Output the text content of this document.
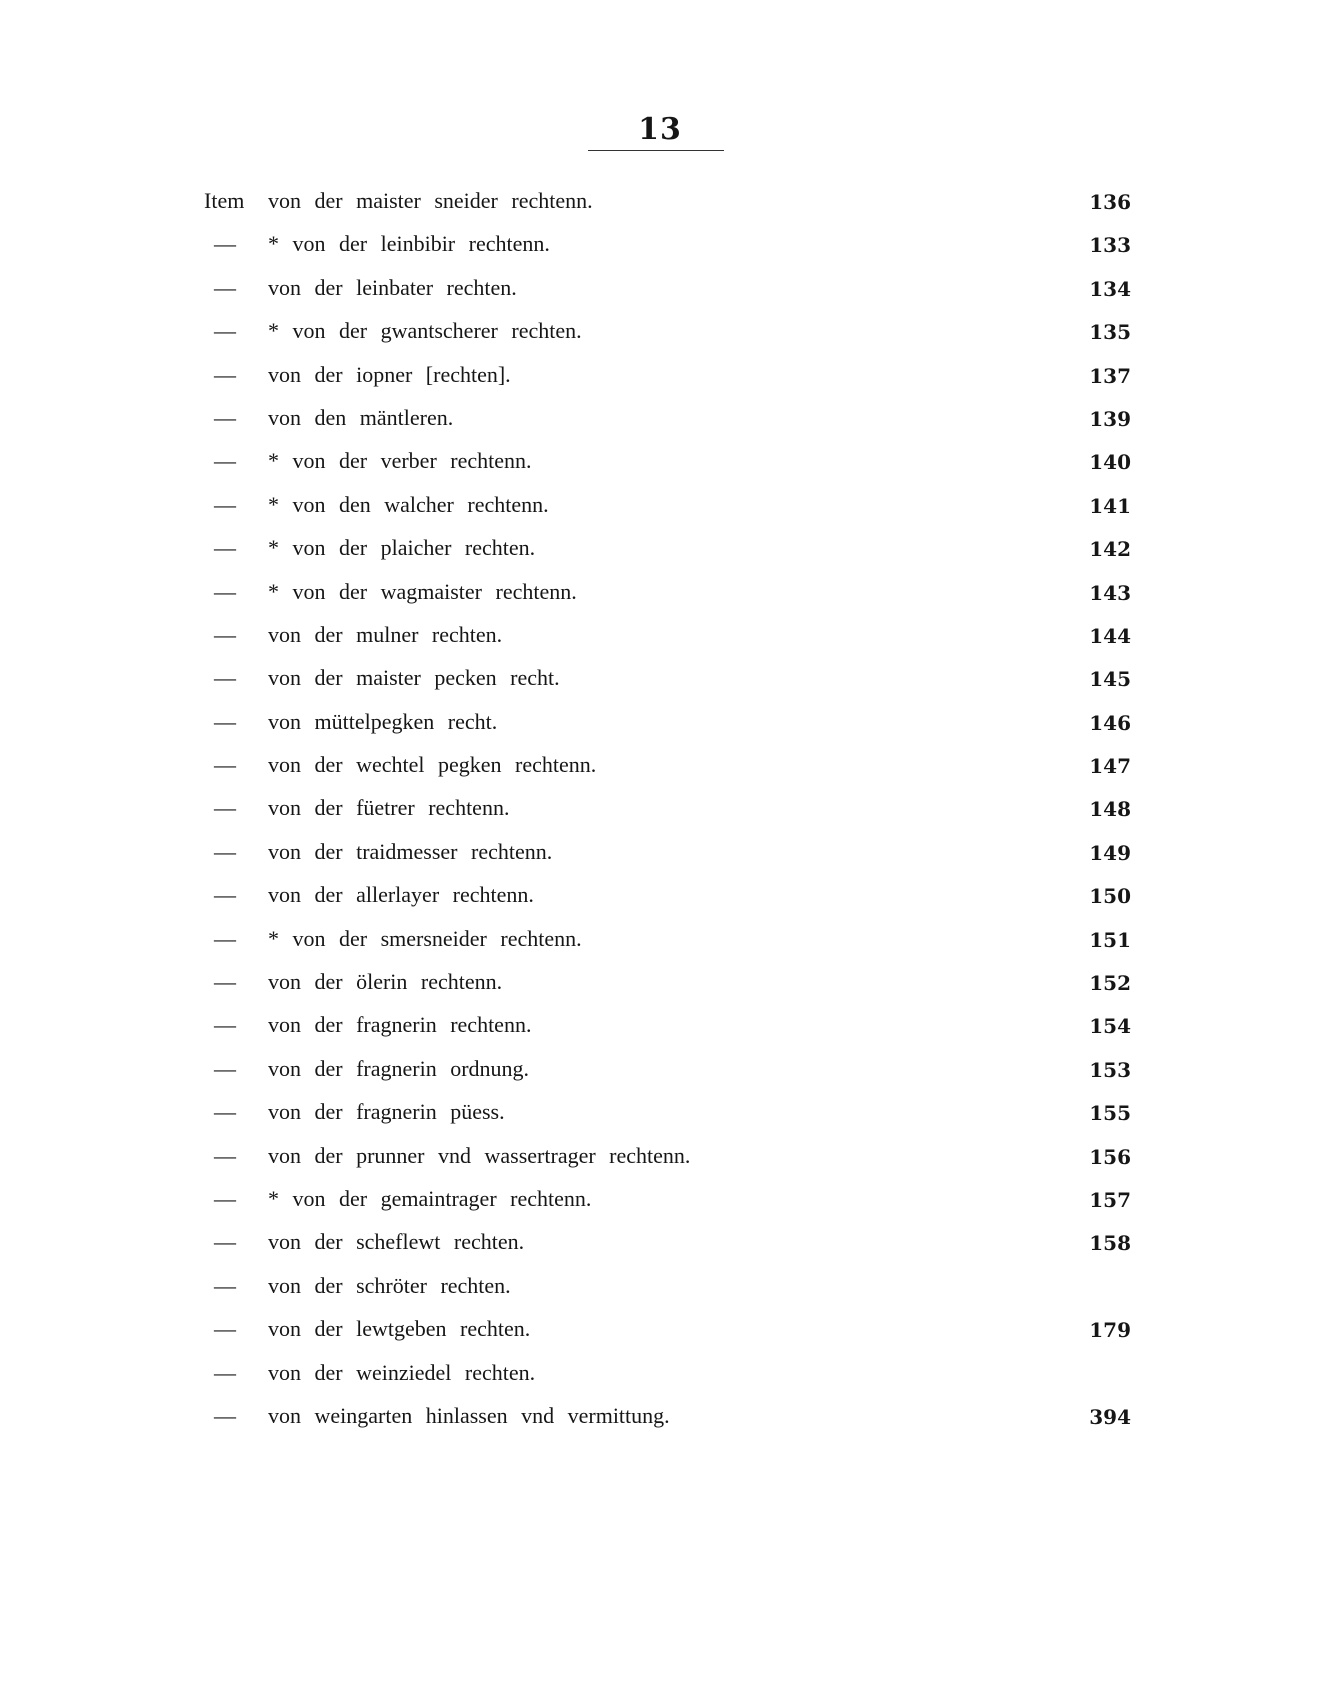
13
Item von der maister sneider rechtenn.	136
— * von der leinbibir rechtenn.	133
— von der leinbater rechten.	134
— * von der gwantscherer rechten.	135
— von der iopner [rechten].	137
— von den mäntleren.	139
— * von der verber rechtenn.	140
— * von den walcher rechtenn.	141
— * von der plaicher rechten.	142
— * von der wagmaister rechtenn.	143
— von der mulner rechten.	144
— von der maister pecken recht.	145
— von müttelpegken recht.	146
— von der wechtel pegken rechtenn.	147
— von der füetrer rechtenn.	148
— von der traidmesser rechtenn.	149
— von der allerlayer rechtenn.	150
— * von der smersneider rechtenn.	151
— von der ölerin rechtenn.	152
— von der fragnerin rechtenn.	154
— von der fragnerin ordnung.	153
— von der fragnerin püess.	155
— von der prunner vnd wassertrager rechtenn.	156
— * von der gemaintrager rechtenn.	157
— von der scheflewt rechten.	158
— von der schröter rechten.
— von der lewtgeben rechten.	179
— von der weinziedel rechten.
— von weingarten hinlassen vnd vermittung.	394
